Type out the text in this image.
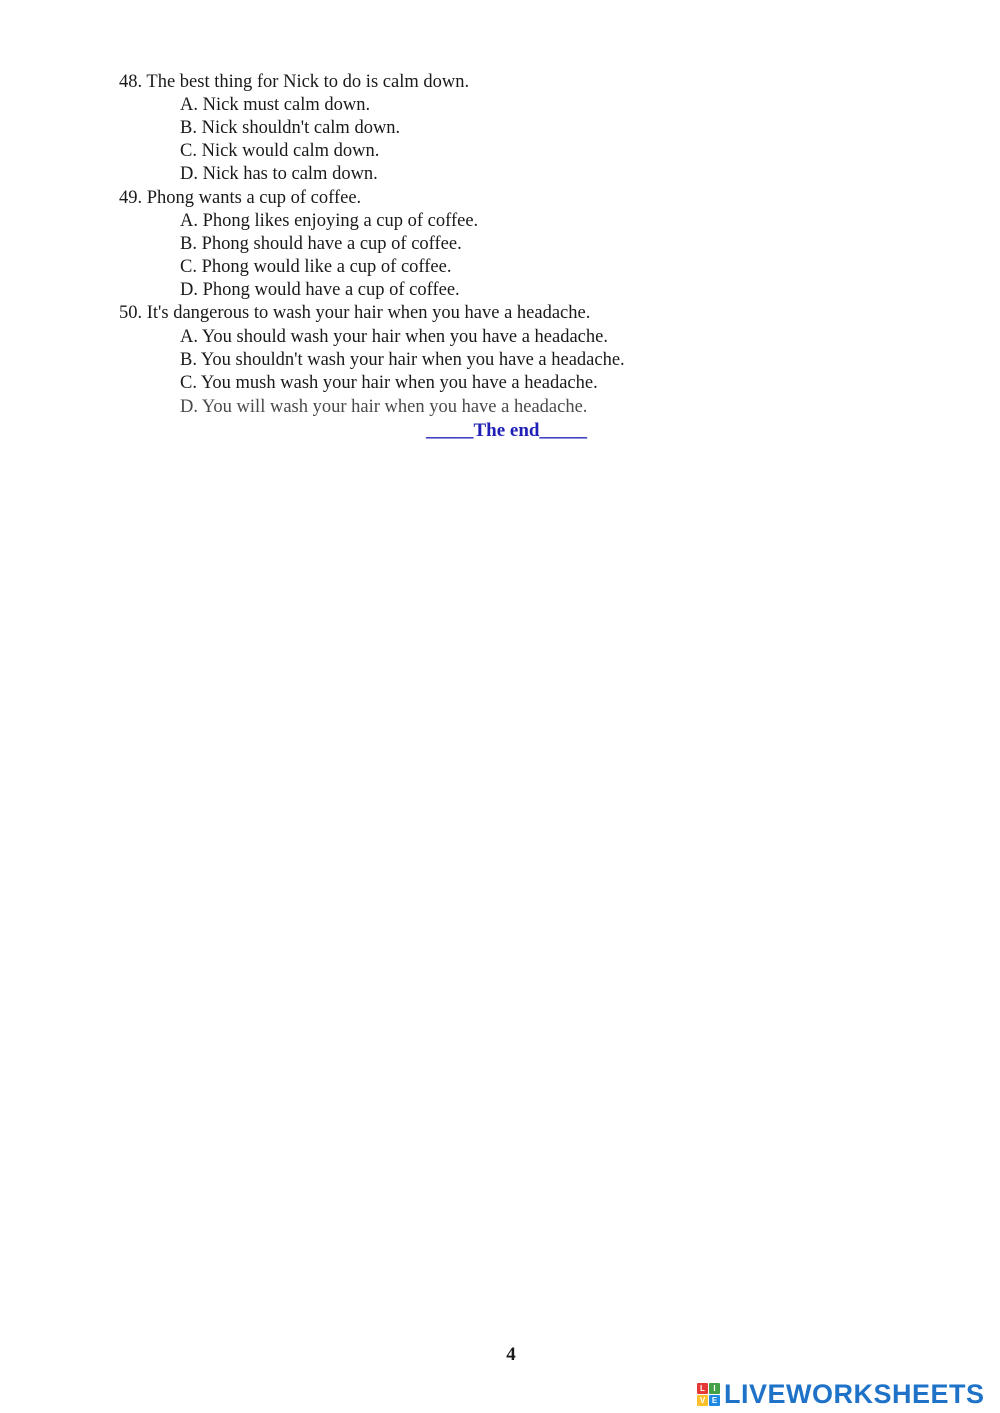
48. The best thing for Nick to do is calm down.
A. Nick must calm down.
B. Nick shouldn't calm down.
C. Nick would calm down.
D. Nick has to calm down.
49. Phong wants a cup of coffee.
A. Phong likes enjoying a cup of coffee.
B. Phong should have a cup of coffee.
C. Phong would like a cup of coffee.
D. Phong would have a cup of coffee.
50. It's dangerous to wash your hair when you have a headache.
A. You should wash your hair when you have a headache.
B. You shouldn't wash your hair when you have a headache.
C. You mush wash your hair when you have a headache.
D. You will wash your hair when you have a headache.
_____The end_____
4
L	I
V E LIVEWORKSHEETS
